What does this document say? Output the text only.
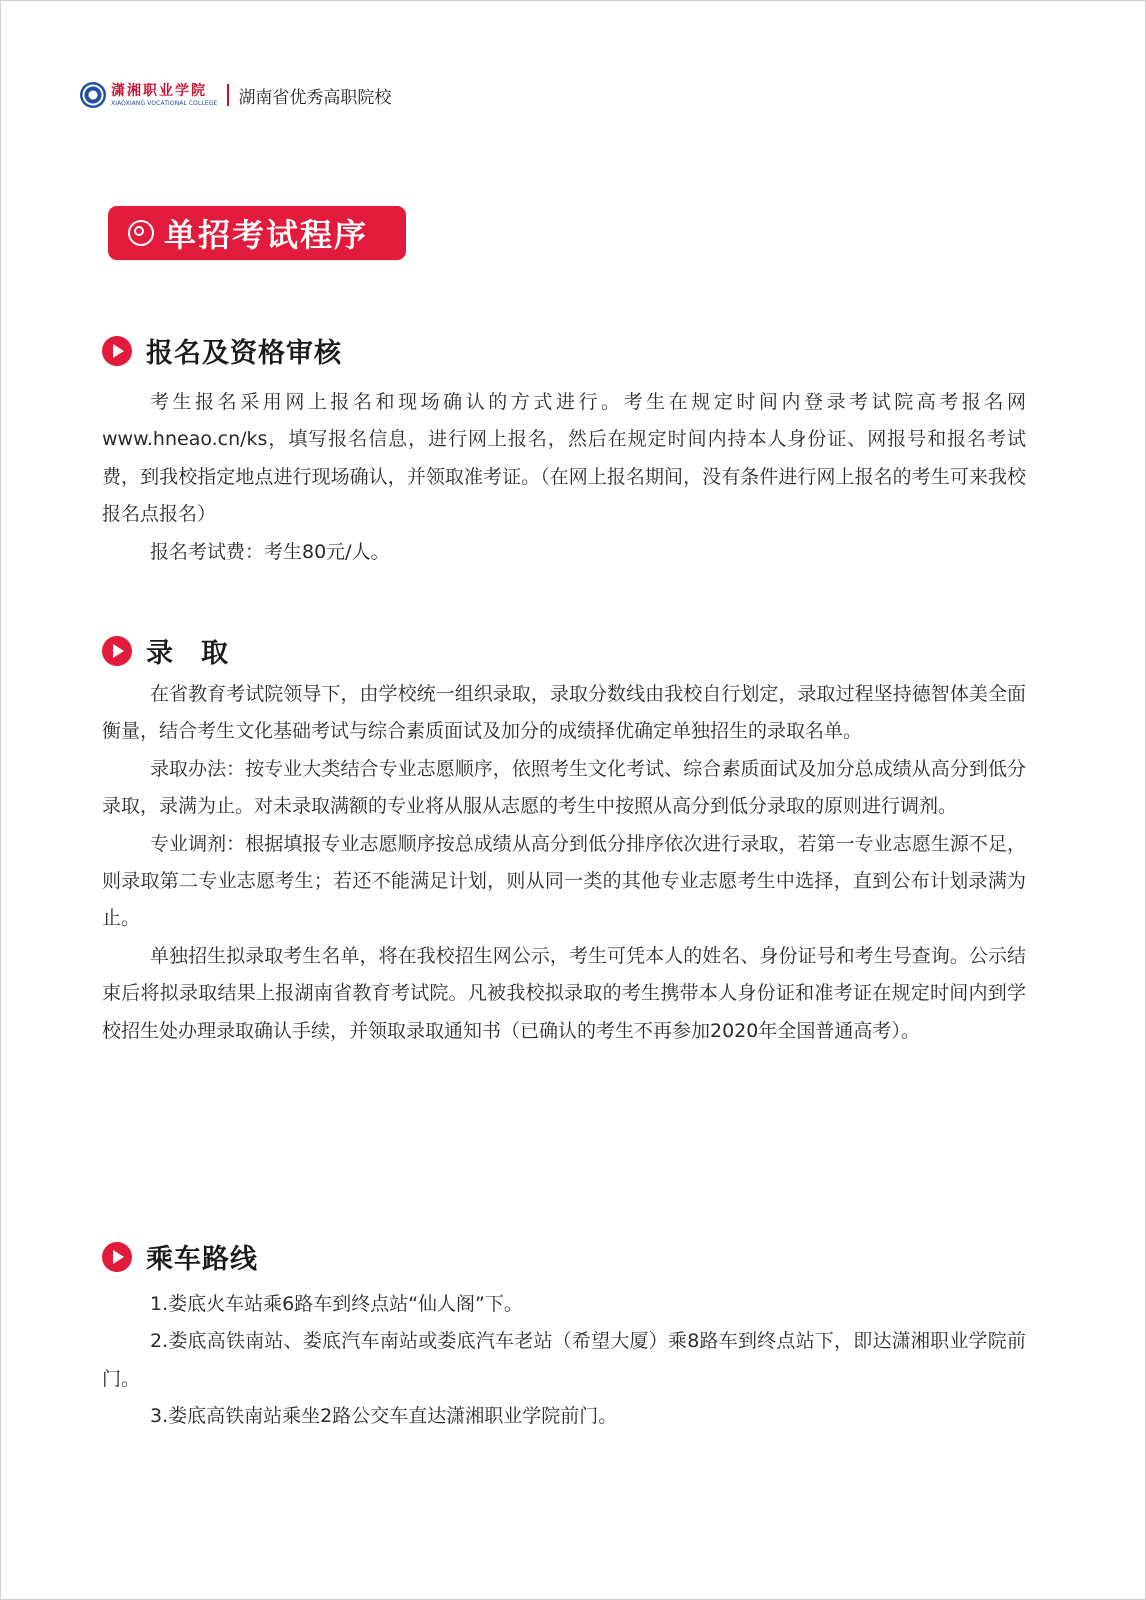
潇湘职业学院
XIAOXIANG VOCATIONAL COLLEGE 湖南省优秀高职院校
单招考试程序
报名及资格审核

考生报名采用网上报名和现场确认的方式进行。考生在规定时间内登录考试院高考报名网www.hneao.cn/ks，填写报名信息，进行网上报名，然后在规定时间内持本人身份证、网报号和报名考试费，到我校指定地点进行现场确认，并领取准考证。（在网上报名期间，没有条件进行网上报名的考生可来我校报名点报名）

报名考试费：考生80元/人。

录 取

在省教育考试院领导下，由学校统一组织录取，录取分数线由我校自行划定，录取过程坚持德智体美全面衡量，结合考生文化基础考试与综合素质面试及加分的成绩择优确定单独招生的录取名单。

录取办法：按专业大类结合专业志愿顺序，依照考生文化考试、综合素质面试及加分总成绩从高分到低分录取，录满为止。对未录取满额的专业将从服从志愿的考生中按照从高分到低分录取的原则进行调剂。

专业调剂：根据填报专业志愿顺序按总成绩从高分到低分排序依次进行录取，若第一专业志愿生源不足，则录取第二专业志愿考生；若还不能满足计划，则从同一类的其他专业志愿考生中选择，直到公布计划录满为止。

单独招生拟录取考生名单，将在我校招生网公示，考生可凭本人的姓名、身份证号和考生号查询。公示结束后将拟录取结果上报湖南省教育考试院。凡被我校拟录取的考生携带本人身份证和准考证在规定时间内到学校招生处办理录取确认手续，并领取录取通知书（已确认的考生不再参加2020年全国普通高考）。

乘车路线

1.娄底火车站乘6路车到终点站“仙人阁”下。

2.娄底高铁南站、娄底汽车南站或娄底汽车老站（希望大厦）乘8路车到终点站下，即达潇湘职业学院前门。

3.娄底高铁南站乘坐2路公交车直达潇湘职业学院前门。
